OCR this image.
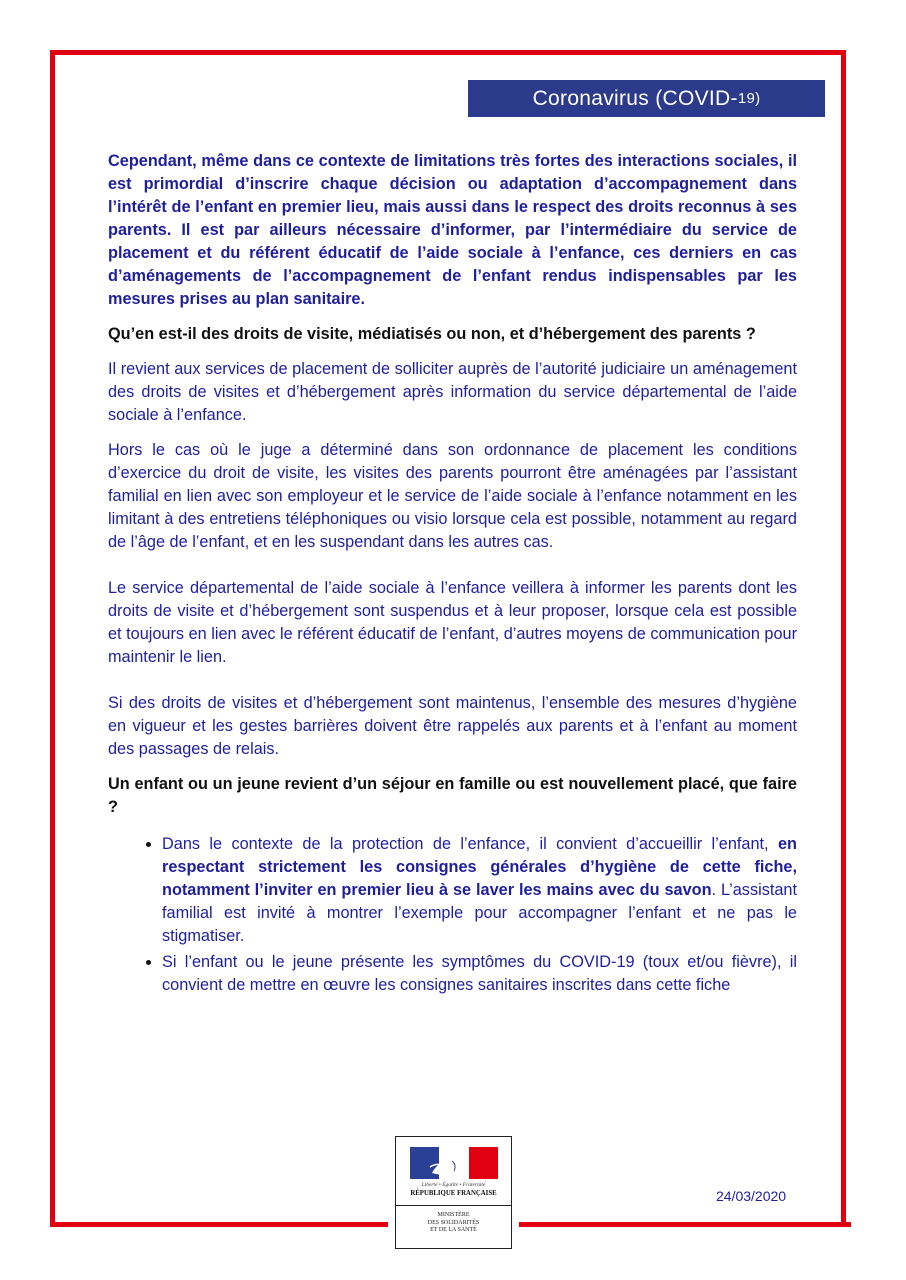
Coronavirus (COVID- 19)

Cependant, même dans ce contexte de limitations très fortes des interactions sociales, il est primordial d’inscrire chaque décision ou adaptation d’accompagnement dans l’intérêt de l’enfant en premier lieu, mais aussi dans le respect des droits reconnus à ses parents. Il est par ailleurs nécessaire d’informer, par l’intermédiaire du service de placement et du référent éducatif de l’aide sociale à l’enfance, ces derniers en cas d’aménagements de l’accompagnement de l’enfant rendus indispensables par les mesures prises au plan sanitaire.

Qu’en est-il des droits de visite, médiatisés ou non, et d’hébergement des parents ?

Il revient aux services de placement de solliciter auprès de l’autorité judiciaire un aménagement des droits de visites et d’hébergement après information du service départemental de l’aide sociale à l’enfance.

Hors le cas où le juge a déterminé dans son ordonnance de placement les conditions d’exercice du droit de visite, les visites des parents pourront être aménagées par l’assistant familial en lien avec son employeur et le service de l’aide sociale à l’enfance notamment en les limitant à des entretiens téléphoniques ou visio lorsque cela est possible, notamment au regard de l’âge de l’enfant, et en les suspendant dans les autres cas.

Le service départemental de l’aide sociale à l’enfance veillera à informer les parents dont les droits de visite et d’hébergement sont suspendus et à leur proposer, lorsque cela est possible et toujours en lien avec le référent éducatif de l’enfant, d’autres moyens de communication pour maintenir le lien.

Si des droits de visites et d’hébergement sont maintenus, l’ensemble des mesures d’hygiène en vigueur et les gestes barrières doivent être rappelés aux parents et à l’enfant au moment des passages de relais.

Un enfant ou un jeune revient d’un séjour en famille ou est nouvellement placé, que faire ?

• Dans le contexte de la protection de l’enfance, il convient d’accueillir l’enfant, en respectant strictement les consignes générales d’hygiène de cette fiche, notamment l’inviter en premier lieu à se laver les mains avec du savon. L’assistant familial est invité à montrer l’exemple pour accompagner l’enfant et ne pas le stigmatiser.
• Si l’enfant ou le jeune présente les symptômes du COVID-19 (toux et/ou fièvre), il convient de mettre en œuvre les consignes sanitaires inscrites dans cette fiche
Liberté • Égalité • Fraternité
RÉPUBLIQUE FRANÇAISE
MINISTÈRE
DES SOLIDARITÉS
ET DE LA SANTÉ
24/03/2020
